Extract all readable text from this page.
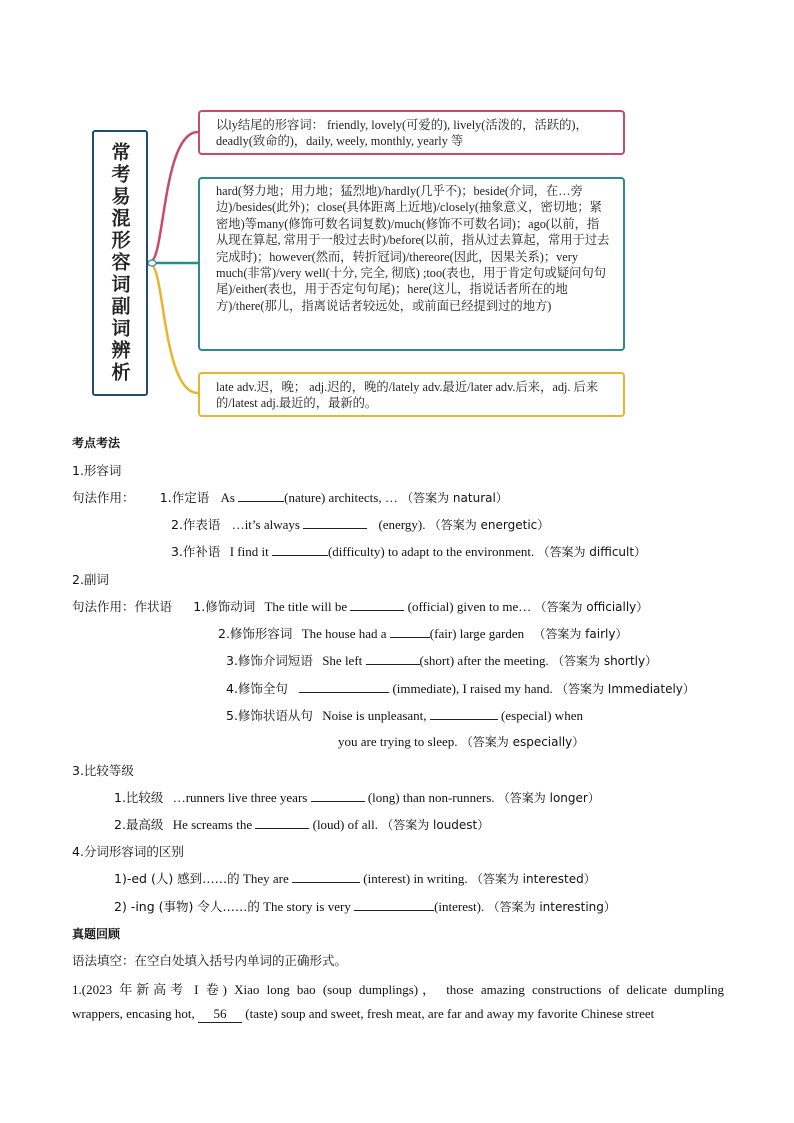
常考易混形容词副词辨析
以ly结尾的形容词： friendly, lovely(可爱的), lively(活泼的，活跃的)，deadly(致命的)，daily, weely, monthly, yearly 等
hard(努力地；用力地；猛烈地)/hardly(几乎不)；beside(介词，在…旁边)/besides(此外)；close(具体距离上近地)/closely(抽象意义，密切地；紧密地)等many(修饰可数名词复数)/much(修饰不可数名词)；ago(以前，指从现在算起, 常用于一般过去时)/before(以前，指从过去算起，常用于过去完成时)；however(然而，转折冠词)/thereore(因此，因果关系)；very much(非常)/very well(十分, 完全, 彻底) ;too(表也，用于肯定句或疑问句句尾)/either(表也，用于否定句句尾)；here(这儿，指说话者所在的地方)/there(那儿，指离说话者较远处，或前面已经提到过的地方)
late adv.迟，晚； adj.迟的，晚的/lately adv.最近/later adv.后来，adj. 后来的/latest adj.最近的，最新的。
考点考法
1.形容词
句法作用： 1.作定语 As	(nature) architects, … （答案为 natural）
2.作表语 …it’s always	(energy). （答案为 energetic）
3.作补语 I find it	(difficulty) to adapt to the environment. （答案为 difficult）
2.副词
句法作用：作状语 1.修饰动词 The title will be	(official) given to me… （答案为 officially）
2.修饰形容词 The house had a	(fair) large garden （答案为 fairly）
3.修饰介词短语 She left	(short) after the meeting. （答案为 shortly）
4.修饰全句	(immediate), I raised my hand. （答案为 Immediately）
5.修饰状语从句 Noise is unpleasant,	(especial) when
you are trying to sleep. （答案为 especially）
3.比较等级
1.比较级 …runners live three years	(long) than non-runners. （答案为 longer）
2.最高级 He screams the	(loud) of all. （答案为 loudest）
4.分词形容词的区别
1)-ed (人) 感到……的 They are	(interest) in writing. （答案为 interested）
2) -ing (事物) 令人……的 The story is very	(interest). （答案为 interesting）
真题回顾
语法填空：在空白处填入括号内单词的正确形式。
1.(2023 年新高考 I 卷) Xiao long bao (soup dumplings)， those amazing constructions of delicate dumpling
wrappers, encasing hot, 56 (taste) soup and sweet, fresh meat, are far and away my favorite Chinese street
